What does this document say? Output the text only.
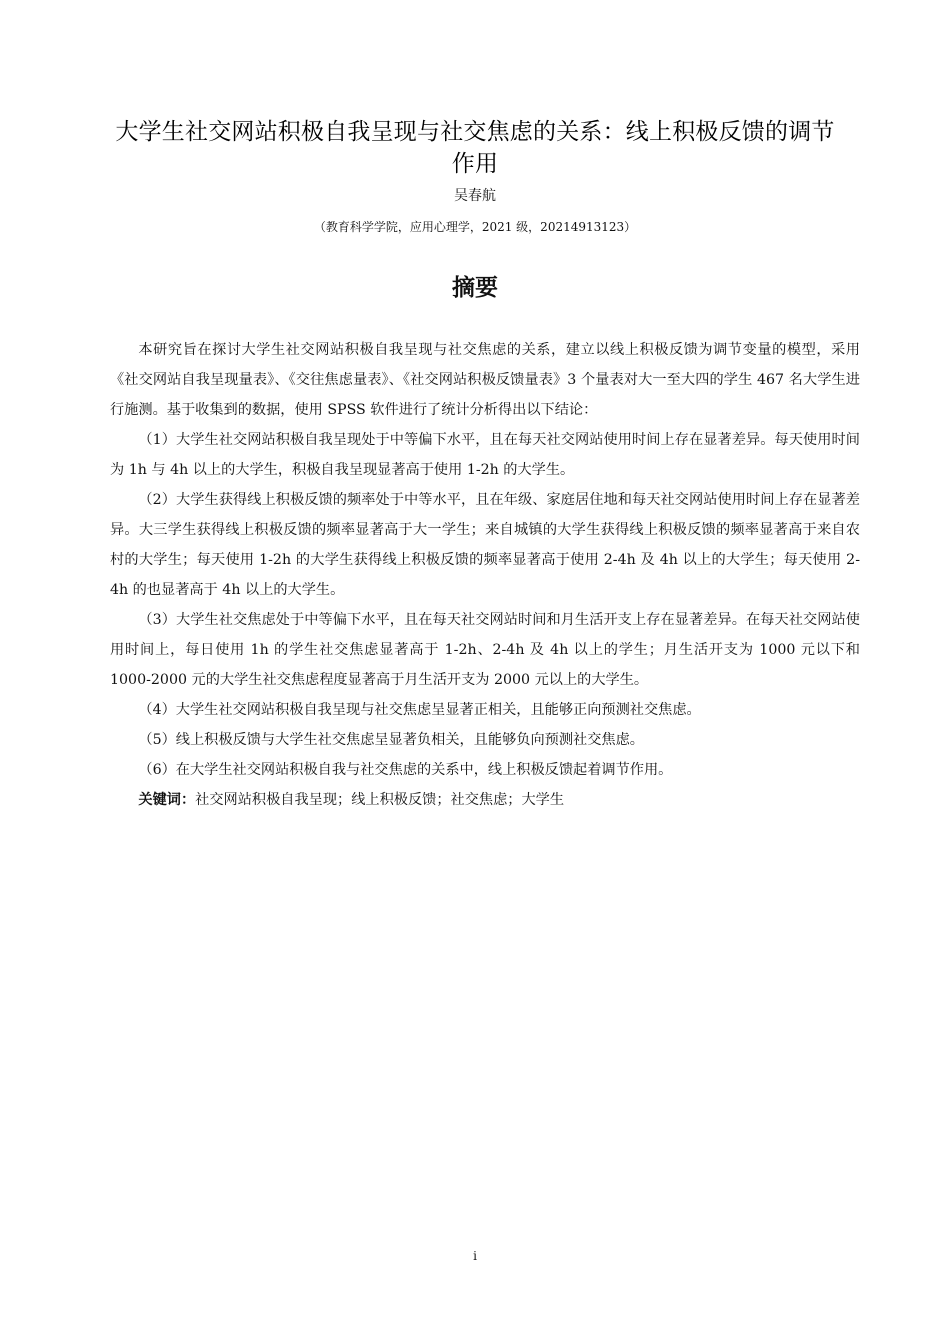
大学生社交网站积极自我呈现与社交焦虑的关系：线上积极反馈的调节作用
吴春航
（教育科学学院，应用心理学，2021 级，20214913123）
摘要

本研究旨在探讨大学生社交网站积极自我呈现与社交焦虑的关系，建立以线上积极反馈为调节变量的模型，采用《社交网站自我呈现量表》、《交往焦虑量表》、《社交网站积极反馈量表》3 个量表对大一至大四的学生 467 名大学生进行施测。基于收集到的数据，使用 SPSS 软件进行了统计分析得出以下结论：

（1）大学生社交网站积极自我呈现处于中等偏下水平，且在每天社交网站使用时间上存在显著差异。每天使用时间为 1h 与 4h 以上的大学生，积极自我呈现显著高于使用 1-2h 的大学生。

（2）大学生获得线上积极反馈的频率处于中等水平，且在年级、家庭居住地和每天社交网站使用时间上存在显著差异。大三学生获得线上积极反馈的频率显著高于大一学生；来自城镇的大学生获得线上积极反馈的频率显著高于来自农村的大学生；每天使用 1-2h 的大学生获得线上积极反馈的频率显著高于使用 2-4h 及 4h 以上的大学生；每天使用 2-4h 的也显著高于 4h 以上的大学生。

（3）大学生社交焦虑处于中等偏下水平，且在每天社交网站时间和月生活开支上存在显著差异。在每天社交网站使用时间上，每日使用 1h 的学生社交焦虑显著高于 1-2h、2-4h 及 4h 以上的学生；月生活开支为 1000 元以下和 1000-2000 元的大学生社交焦虑程度显著高于月生活开支为 2000 元以上的大学生。

（4）大学生社交网站积极自我呈现与社交焦虑呈显著正相关，且能够正向预测社交焦虑。

（5）线上积极反馈与大学生社交焦虑呈显著负相关，且能够负向预测社交焦虑。

（6）在大学生社交网站积极自我与社交焦虑的关系中，线上积极反馈起着调节作用。

关键词：社交网站积极自我呈现；线上积极反馈；社交焦虑；大学生

i
